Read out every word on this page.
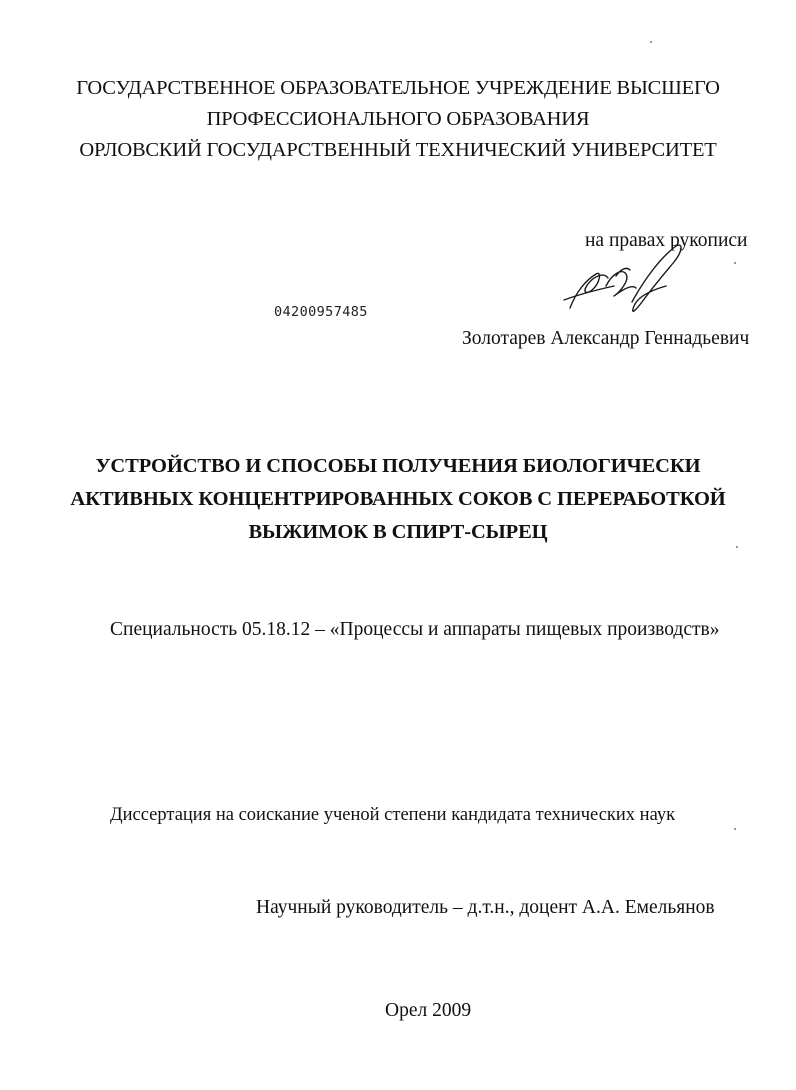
ГОСУДАРСТВЕННОЕ ОБРАЗОВАТЕЛЬНОЕ УЧРЕЖДЕНИЕ ВЫСШЕГО

ПРОФЕССИОНАЛЬНОГО ОБРАЗОВАНИЯ

ОРЛОВСКИЙ ГОСУДАРСТВЕННЫЙ ТЕХНИЧЕСКИЙ УНИВЕРСИТЕТ

на правах рукописи

04200957485

Золотарев Александр Геннадьевич

УСТРОЙСТВО И СПОСОБЫ ПОЛУЧЕНИЯ БИОЛОГИЧЕСКИ

АКТИВНЫХ КОНЦЕНТРИРОВАННЫХ СОКОВ С ПЕРЕРАБОТКОЙ

ВЫЖИМОК В СПИРТ-СЫРЕЦ

Специальность 05.18.12 – «Процессы и аппараты пищевых производств»

Диссертация на соискание ученой степени кандидата технических наук

Научный руководитель – д.т.н., доцент А.А. Емельянов

Орел 2009
